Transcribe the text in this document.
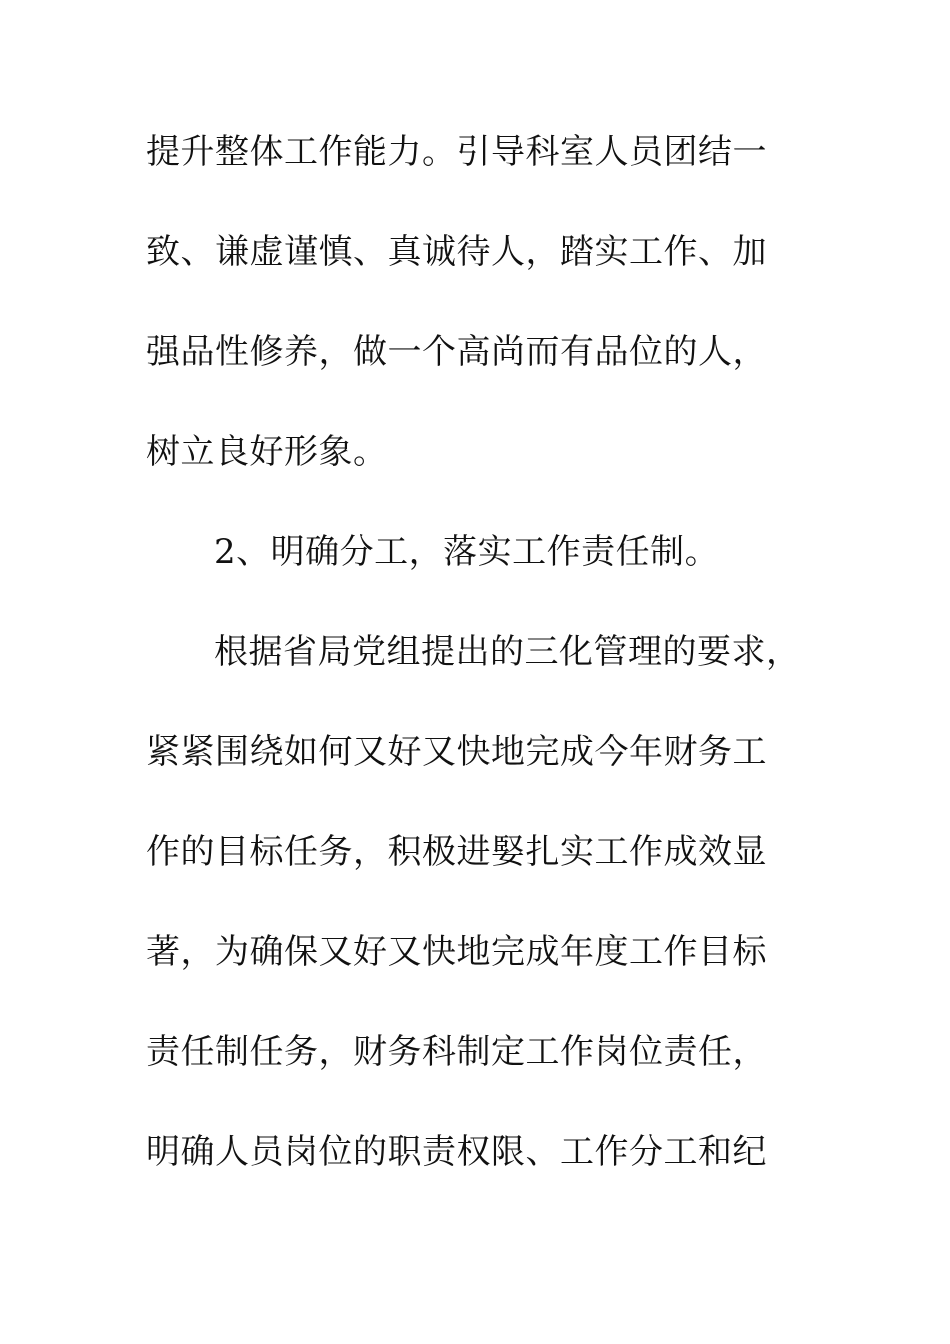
提升整体工作能力。引导科室人员团结一
致、谦虚谨慎、真诚待人，踏实工作、加
强品性修养，做一个高尚而有品位的人，
树立良好形象。
2、明确分工，落实工作责任制。
根据省局党组提出的三化管理的要求，
紧紧围绕如何又好又快地完成今年财务工
作的目标任务，积极进婜扎实工作成效显
著，为确保又好又快地完成年度工作目标
责任制任务，财务科制定工作岗位责任，
明确人员岗位的职责权限、工作分工和纪
